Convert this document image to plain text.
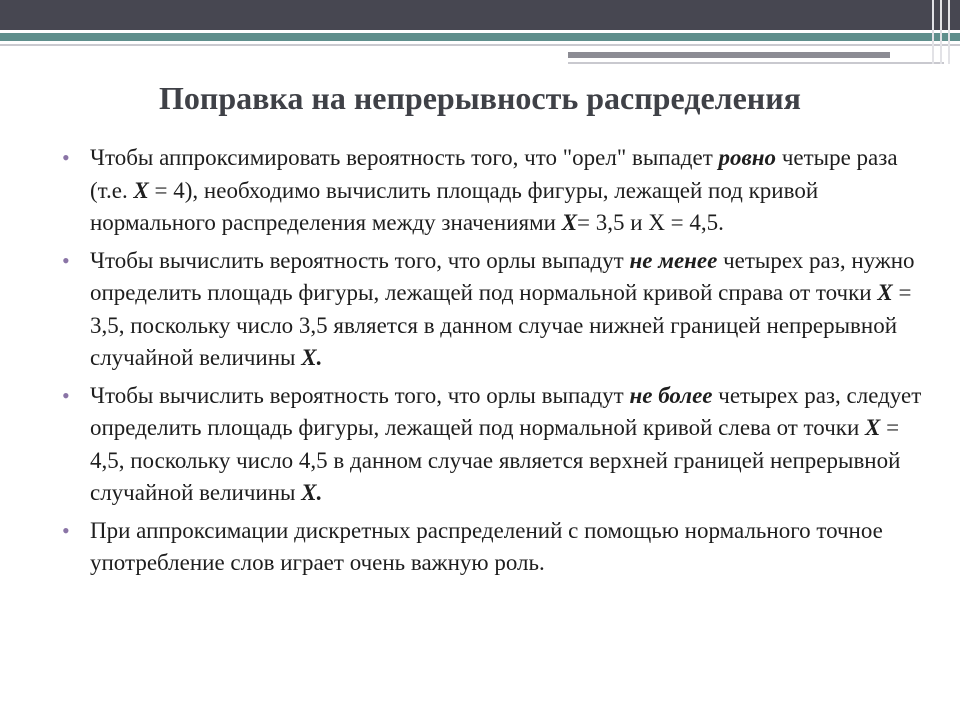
Поправка на непрерывность распределения
• Чтобы аппроксимировать вероятность того, что "орел" выпадет ровно четыре раза (т.е. X = 4), необходимо вычислить площадь фигуры, лежащей под кривой нормального распределения между значениями X= 3,5 и Х = 4,5.
• Чтобы вычислить вероятность того, что орлы выпадут не менее четырех раз, нужно определить площадь фигуры, лежащей под нормальной кривой справа от точки X = 3,5, поскольку число 3,5 является в данном случае нижней границей непрерывной случайной величины X.
• Чтобы вычислить вероятность того, что орлы выпадут не более четырех раз, следует определить площадь фигуры, лежащей под нормальной кривой слева от точки X = 4,5, поскольку число 4,5 в данном случае является верхней границей непрерывной случайной величины X.
• При аппроксимации дискретных распределений с помощью нормального точное употребление слов играет очень важную роль.
